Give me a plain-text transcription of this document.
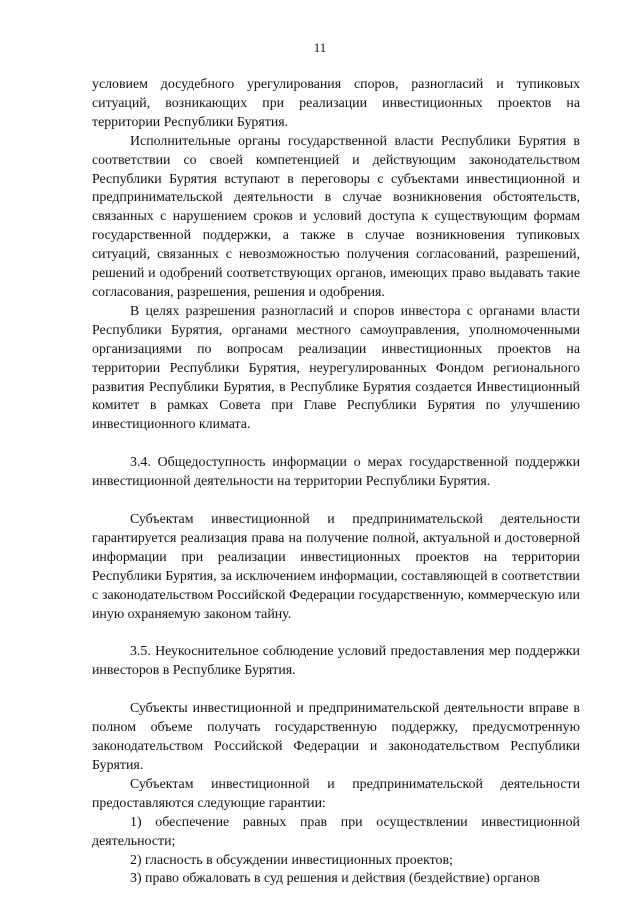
11

условием досудебного урегулирования споров, разногласий и тупиковых ситуаций, возникающих при реализации инвестиционных проектов на территории Республики Бурятия.

Исполнительные органы государственной власти Республики Бурятия в соответствии со своей компетенцией и действующим законодательством Республики Бурятия вступают в переговоры с субъектами инвестиционной и предпринимательской деятельности в случае возникновения обстоятельств, связанных с нарушением сроков и условий доступа к существующим формам государственной поддержки, а также в случае возникновения тупиковых ситуаций, связанных с невозможностью получения согласований, разрешений, решений и одобрений соответствующих органов, имеющих право выдавать такие согласования, разрешения, решения и одобрения.

В целях разрешения разногласий и споров инвестора с органами власти Республики Бурятия, органами местного самоуправления, уполномоченными организациями по вопросам реализации инвестиционных проектов на территории Республики Бурятия, неурегулированных Фондом регионального развития Республики Бурятия, в Республике Бурятия создается Инвестиционный комитет в рамках Совета при Главе Республики Бурятия по улучшению инвестиционного климата.

3.4. Общедоступность информации о мерах государственной поддержки инвестиционной деятельности на территории Республики Бурятия.

Субъектам инвестиционной и предпринимательской деятельности гарантируется реализация права на получение полной, актуальной и достоверной информации при реализации инвестиционных проектов на территории Республики Бурятия, за исключением информации, составляющей в соответствии с законодательством Российской Федерации государственную, коммерческую или иную охраняемую законом тайну.

3.5. Неукоснительное соблюдение условий предоставления мер поддержки инвесторов в Республике Бурятия.

Субъекты инвестиционной и предпринимательской деятельности вправе в полном объеме получать государственную поддержку, предусмотренную законодательством Российской Федерации и законодательством Республики Бурятия.

Субъектам инвестиционной и предпринимательской деятельности предоставляются следующие гарантии:

1) обеспечение равных прав при осуществлении инвестиционной деятельности;

2) гласность в обсуждении инвестиционных проектов;

3) право обжаловать в суд решения и действия (бездействие) органов
